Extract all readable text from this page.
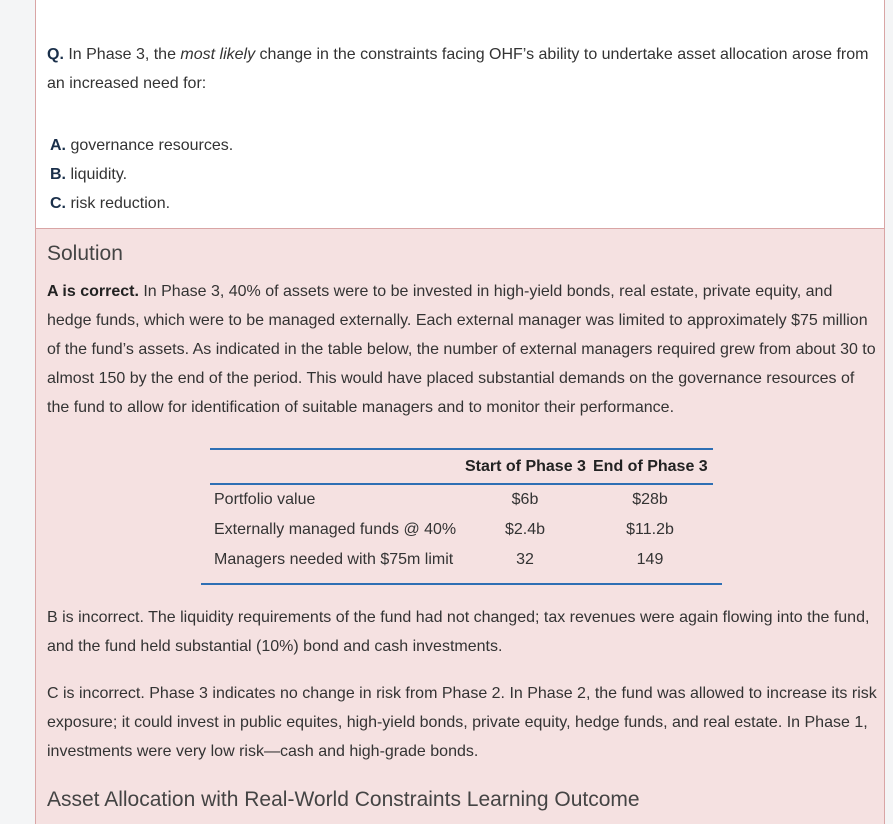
Q. In Phase 3, the most likely change in the constraints facing OHF’s ability to undertake asset allocation arose from an increased need for:
A. governance resources.
B. liquidity.
C. risk reduction.
Solution
A is correct. In Phase 3, 40% of assets were to be invested in high-yield bonds, real estate, private equity, and hedge funds, which were to be managed externally. Each external manager was limited to approximately $75 million of the fund’s assets. As indicated in the table below, the number of external managers required grew from about 30 to almost 150 by the end of the period. This would have placed substantial demands on the governance resources of the fund to allow for identification of suitable managers and to monitor their performance.
Start of Phase 3 End of Phase 3
Portfolio value	$6b	$28b
Externally managed funds @ 40%	$2.4b	$11.2b
Managers needed with $75m limit	32	149
B is incorrect. The liquidity requirements of the fund had not changed; tax revenues were again flowing into the fund, and the fund held substantial (10%) bond and cash investments.
C is incorrect. Phase 3 indicates no change in risk from Phase 2. In Phase 2, the fund was allowed to increase its risk exposure; it could invest in public equites, high-yield bonds, private equity, hedge funds, and real estate. In Phase 1, investments were very low risk—cash and high-grade bonds.
Asset Allocation with Real-World Constraints Learning Outcome
